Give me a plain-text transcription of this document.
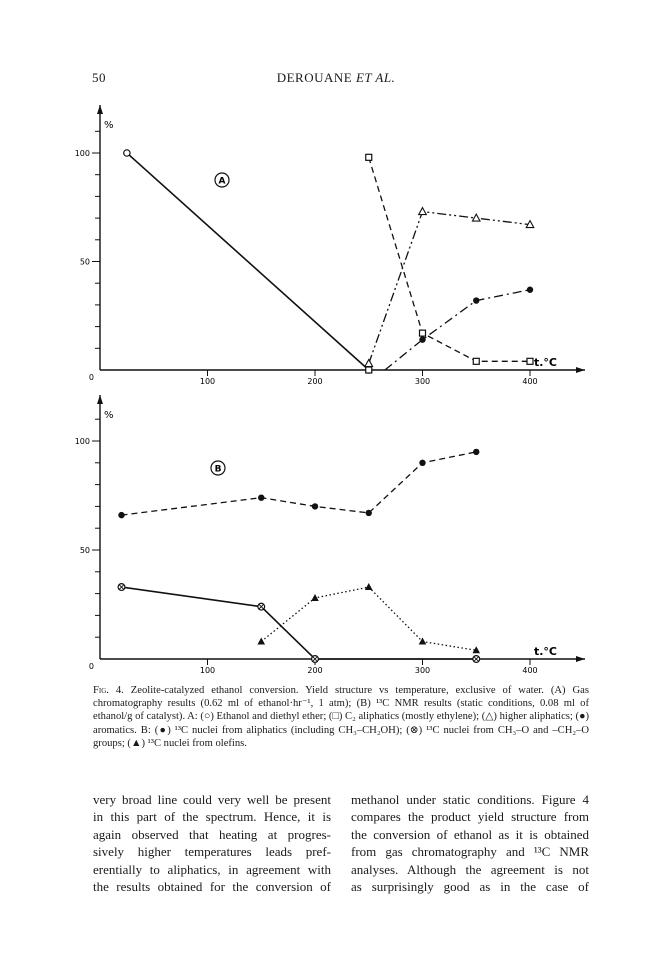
50	DEROUANE ET AL.
100	200	300	400
50
100
0
%
t.°C
A
100	200	300	400
50
100
0
%
t.°C
B
Fig. 4. Zeolite-catalyzed ethanol conversion. Yield structure vs temperature, exclusive of water. (A) Gas chromatography results (0.62 ml of ethanol·hr⁻¹, 1 atm); (B) ¹³C NMR results (static conditions, 0.08 ml of ethanol/g of catalyst). A: (○) Ethanol and diethyl ether; (□) C₂ aliphatics (mostly ethylene); (△) higher aliphatics; (●) aromatics. B: (●) ¹³C nuclei from aliphatics (including CH₃–CH₂OH); (⊗) ¹³C nuclei from CH₃–O and –CH₂–O groups; (▲) ¹³C nuclei from olefins.
very broad line could very well be present
in this part of the spectrum. Hence, it is
again observed that heating at progres-
sively higher temperatures leads pref-
erentially to aliphatics, in agreement with
the results obtained for the conversion of
methanol under static conditions. Figure 4
compares the product yield structure from
the conversion of ethanol as it is obtained
from gas chromatography and ¹³C NMR
analyses. Although the agreement is not
as surprisingly good as in the case of
